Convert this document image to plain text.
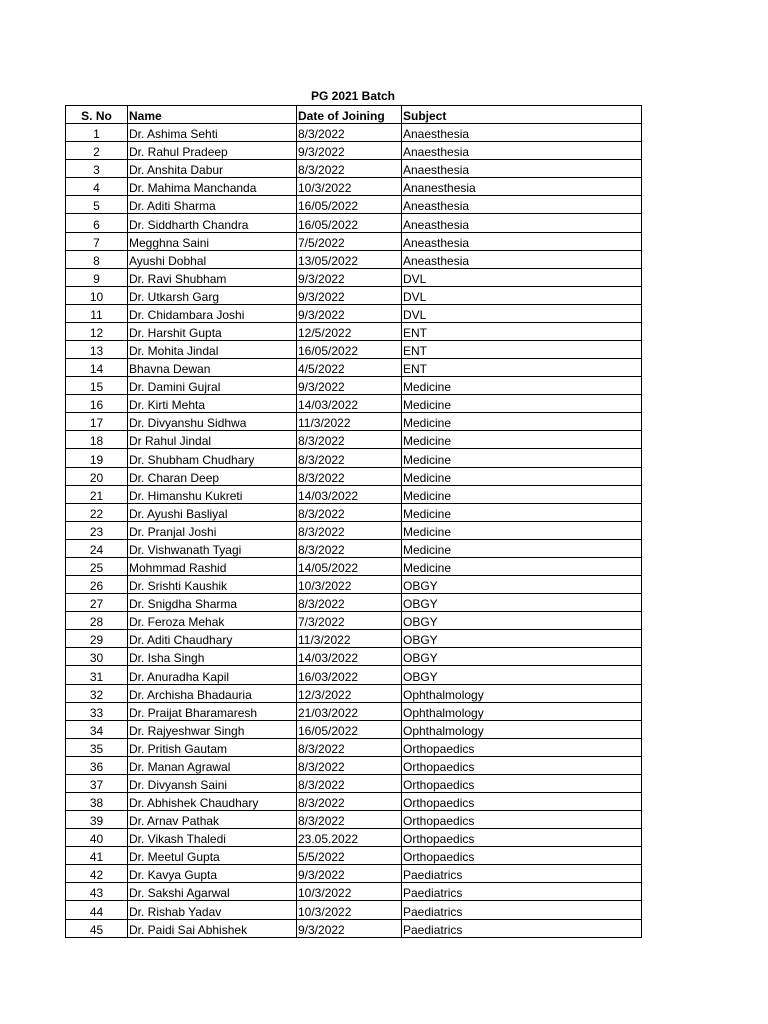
PG 2021 Batch
S. No	Name	Date of Joining	Subject
1	Dr. Ashima Sehti	8/3/2022	Anaesthesia
2	Dr. Rahul Pradeep	9/3/2022	Anaesthesia
3	Dr. Anshita Dabur	8/3/2022	Anaesthesia
4	Dr. Mahima Manchanda	10/3/2022	Ananesthesia
5	Dr. Aditi Sharma	16/05/2022	Aneasthesia
6	Dr. Siddharth Chandra	16/05/2022	Aneasthesia
7	Megghna Saini	7/5/2022	Aneasthesia
8	Ayushi Dobhal	13/05/2022	Aneasthesia
9	Dr. Ravi Shubham	9/3/2022	DVL
10	Dr. Utkarsh Garg	9/3/2022	DVL
11	Dr. Chidambara Joshi	9/3/2022	DVL
12	Dr. Harshit Gupta	12/5/2022	ENT
13	Dr. Mohita Jindal	16/05/2022	ENT
14	Bhavna Dewan	4/5/2022	ENT
15	Dr. Damini Gujral	9/3/2022	Medicine
16	Dr. Kirti Mehta	14/03/2022	Medicine
17	Dr. Divyanshu Sidhwa	11/3/2022	Medicine
18	Dr Rahul Jindal	8/3/2022	Medicine
19	Dr. Shubham Chudhary	8/3/2022	Medicine
20	Dr. Charan Deep	8/3/2022	Medicine
21	Dr. Himanshu Kukreti	14/03/2022	Medicine
22	Dr. Ayushi Basliyal	8/3/2022	Medicine
23	Dr. Pranjal Joshi	8/3/2022	Medicine
24	Dr. Vishwanath Tyagi	8/3/2022	Medicine
25	Mohmmad Rashid	14/05/2022	Medicine
26	Dr. Srishti Kaushik	10/3/2022	OBGY
27	Dr. Snigdha Sharma	8/3/2022	OBGY
28	Dr. Feroza Mehak	7/3/2022	OBGY
29	Dr. Aditi Chaudhary	11/3/2022	OBGY
30	Dr. Isha Singh	14/03/2022	OBGY
31	Dr. Anuradha Kapil	16/03/2022	OBGY
32	Dr. Archisha Bhadauria	12/3/2022	Ophthalmology
33	Dr. Praijat Bharamaresh	21/03/2022	Ophthalmology
34	Dr. Rajyeshwar Singh	16/05/2022	Ophthalmology
35	Dr. Pritish Gautam	8/3/2022	Orthopaedics
36	Dr. Manan Agrawal	8/3/2022	Orthopaedics
37	Dr. Divyansh Saini	8/3/2022	Orthopaedics
38	Dr. Abhishek Chaudhary	8/3/2022	Orthopaedics
39	Dr. Arnav Pathak	8/3/2022	Orthopaedics
40	Dr. Vikash Thaledi	23.05.2022	Orthopaedics
41	Dr. Meetul Gupta	5/5/2022	Orthopaedics
42	Dr. Kavya Gupta	9/3/2022	Paediatrics
43	Dr. Sakshi Agarwal	10/3/2022	Paediatrics
44	Dr. Rishab Yadav	10/3/2022	Paediatrics
45	Dr. Paidi Sai Abhishek	9/3/2022	Paediatrics
